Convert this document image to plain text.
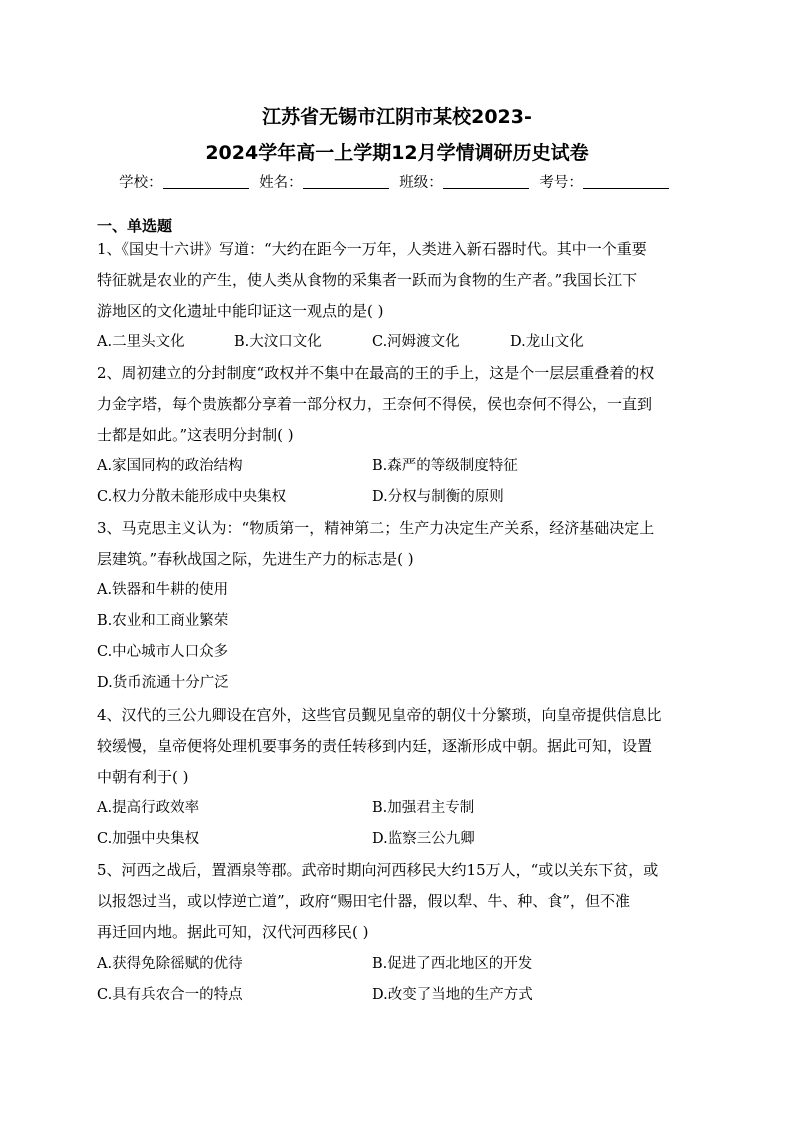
江苏省无锡市江阴市某校2023-
2024学年高一上学期12月学情调研历史试卷
学校：	姓名：	班级：	考号：
一、单选题
1、《国史十六讲》写道：“大约在距今一万年，人类进入新石器时代。其中一个重要
特征就是农业的产生，使人类从食物的采集者一跃而为食物的生产者。”我国长江下
游地区的文化遗址中能印证这一观点的是( )
A.二里头文化	B.大汶口文化	C.河姆渡文化	D.龙山文化
2、周初建立的分封制度“政权并不集中在最高的王的手上，这是个一层层重叠着的权
力金字塔，每个贵族都分享着一部分权力，王奈何不得侯，侯也奈何不得公，一直到
士都是如此。”这表明分封制( )
A.家国同构的政治结构	B.森严的等级制度特征
C.权力分散未能形成中央集权	D.分权与制衡的原则
3、马克思主义认为：“物质第一，精神第二；生产力决定生产关系，经济基础决定上
层建筑。”春秋战国之际，先进生产力的标志是( )
A.铁器和牛耕的使用
B.农业和工商业繁荣
C.中心城市人口众多
D.货币流通十分广泛
4、汉代的三公九卿设在宫外，这些官员觐见皇帝的朝仪十分繁琐，向皇帝提供信息比
较缓慢，皇帝便将处理机要事务的责任转移到内廷，逐渐形成中朝。据此可知，设置
中朝有利于( )
A.提高行政效率	B.加强君主专制
C.加强中央集权	D.监察三公九卿
5、河西之战后，置酒泉等郡。武帝时期向河西移民大约15万人，“或以关东下贫，或
以报怨过当，或以悖逆亡道”，政府“赐田宅什器，假以犁、牛、种、食”，但不准
再迁回内地。据此可知，汉代河西移民( )
A.获得免除徭赋的优待	B.促进了西北地区的开发
C.具有兵农合一的特点	D.改变了当地的生产方式
